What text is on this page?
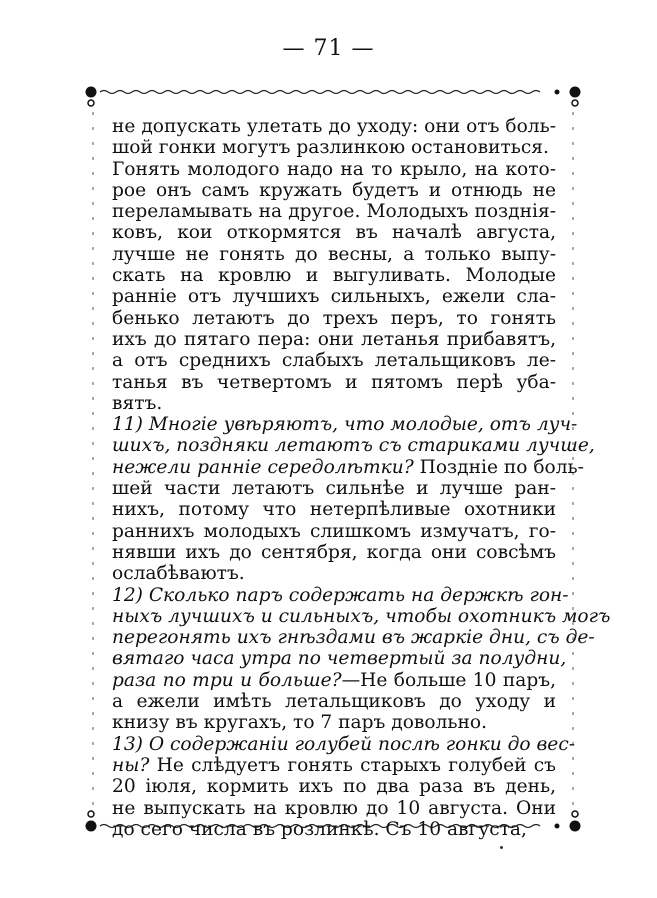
— 71 —
не допускать улетать до уходу: они отъ боль-
шой гонки могутъ разлинкою остановиться.
Гонять молодого надо на то крыло, на кото-
рое онъ самъ кружать будетъ и отнюдь не
переламывать на другое. Молодыхъ позднія-
ковъ, кои откормятся въ началѣ августа,
лучше не гонять до весны, а только выпу-
скать на кровлю и выгуливать. Молодые
раннiе отъ лучшихъ сильныхъ, ежели сла-
бенько летаютъ до трехъ перъ, то гонять
ихъ до пятаго пера: они летанья прибавятъ,
а отъ среднихъ слабыхъ летальщиковъ ле-
танья въ четвертомъ и пятомъ перѣ убa-
вятъ.
11) Многіе увѣряютъ, что молодые, отъ луч-
шихъ, поздняки летаютъ съ стариками лучше,
нежели раннiе середолѣтки? Позднiе по боль-
шей части летаютъ сильнѣе и лучше ран-
нихъ, потому что нетерпѣливые охотники
раннихъ молодыхъ слишкомъ измучатъ, го-
нявши ихъ до сентября, когда они совсѣмъ
ослабѣваютъ.
12) Сколько паръ содержать на держкѣ гон-
ныхъ лучшихъ и сильныхъ, чтобы охотникъ могъ
перегонять ихъ гнѣздами въ жаркіе дни, съ де-
вятаго часа утра по четвертый за полудни,
раза по три и больше?—Не больше 10 паръ,
а ежели имѣть летальщиковъ до уходу и
книзу въ кругахъ, то 7 паръ довольно.
13) О содержаніи голубей послѣ гонки до вес-
ны? Не слѣдуетъ гонять старыхъ голубей съ
20 іюля, кормить ихъ по два раза въ день,
не выпускать на кровлю до 10 августа. Они
до сего числа въ розлинкѣ. Съ 10 августа,
